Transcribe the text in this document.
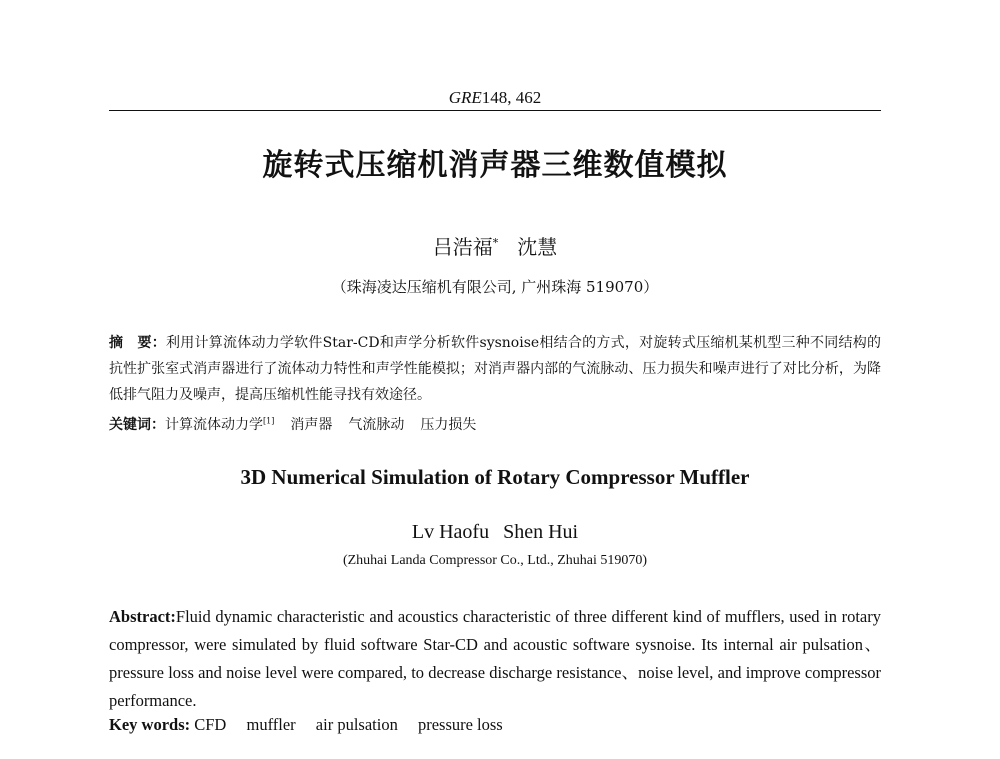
GRE148, 462
旋转式压缩机消声器三维数值模拟
吕浩福* 沈慧
（珠海凌达压缩机有限公司, 广州珠海 519070）
摘　要：利用计算流体动力学软件Star-CD和声学分析软件sysnoise相结合的方式，对旋转式压缩机某机型三种不同结构的抗性扩张室式消声器进行了流体动力特性和声学性能模拟；对消声器内部的气流脉动、压力损失和噪声进行了对比分析，为降低排气阻力及噪声，提高压缩机性能寻找有效途径。
关键词：计算流体动力学[1] 消声器 气流脉动 压力损失
3D Numerical Simulation of Rotary Compressor Muffler
Lv Haofu Shen Hui
(Zhuhai Landa Compressor Co., Ltd., Zhuhai 519070)
Abstract:Fluid dynamic characteristic and acoustics characteristic of three different kind of mufflers, used in rotary compressor, were simulated by fluid software Star-CD and acoustic software sysnoise. Its internal air pulsation、pressure loss and noise level were compared, to decrease discharge resistance、noise level, and improve compressor performance.
Key words: CFD muffler air pulsation pressure loss
